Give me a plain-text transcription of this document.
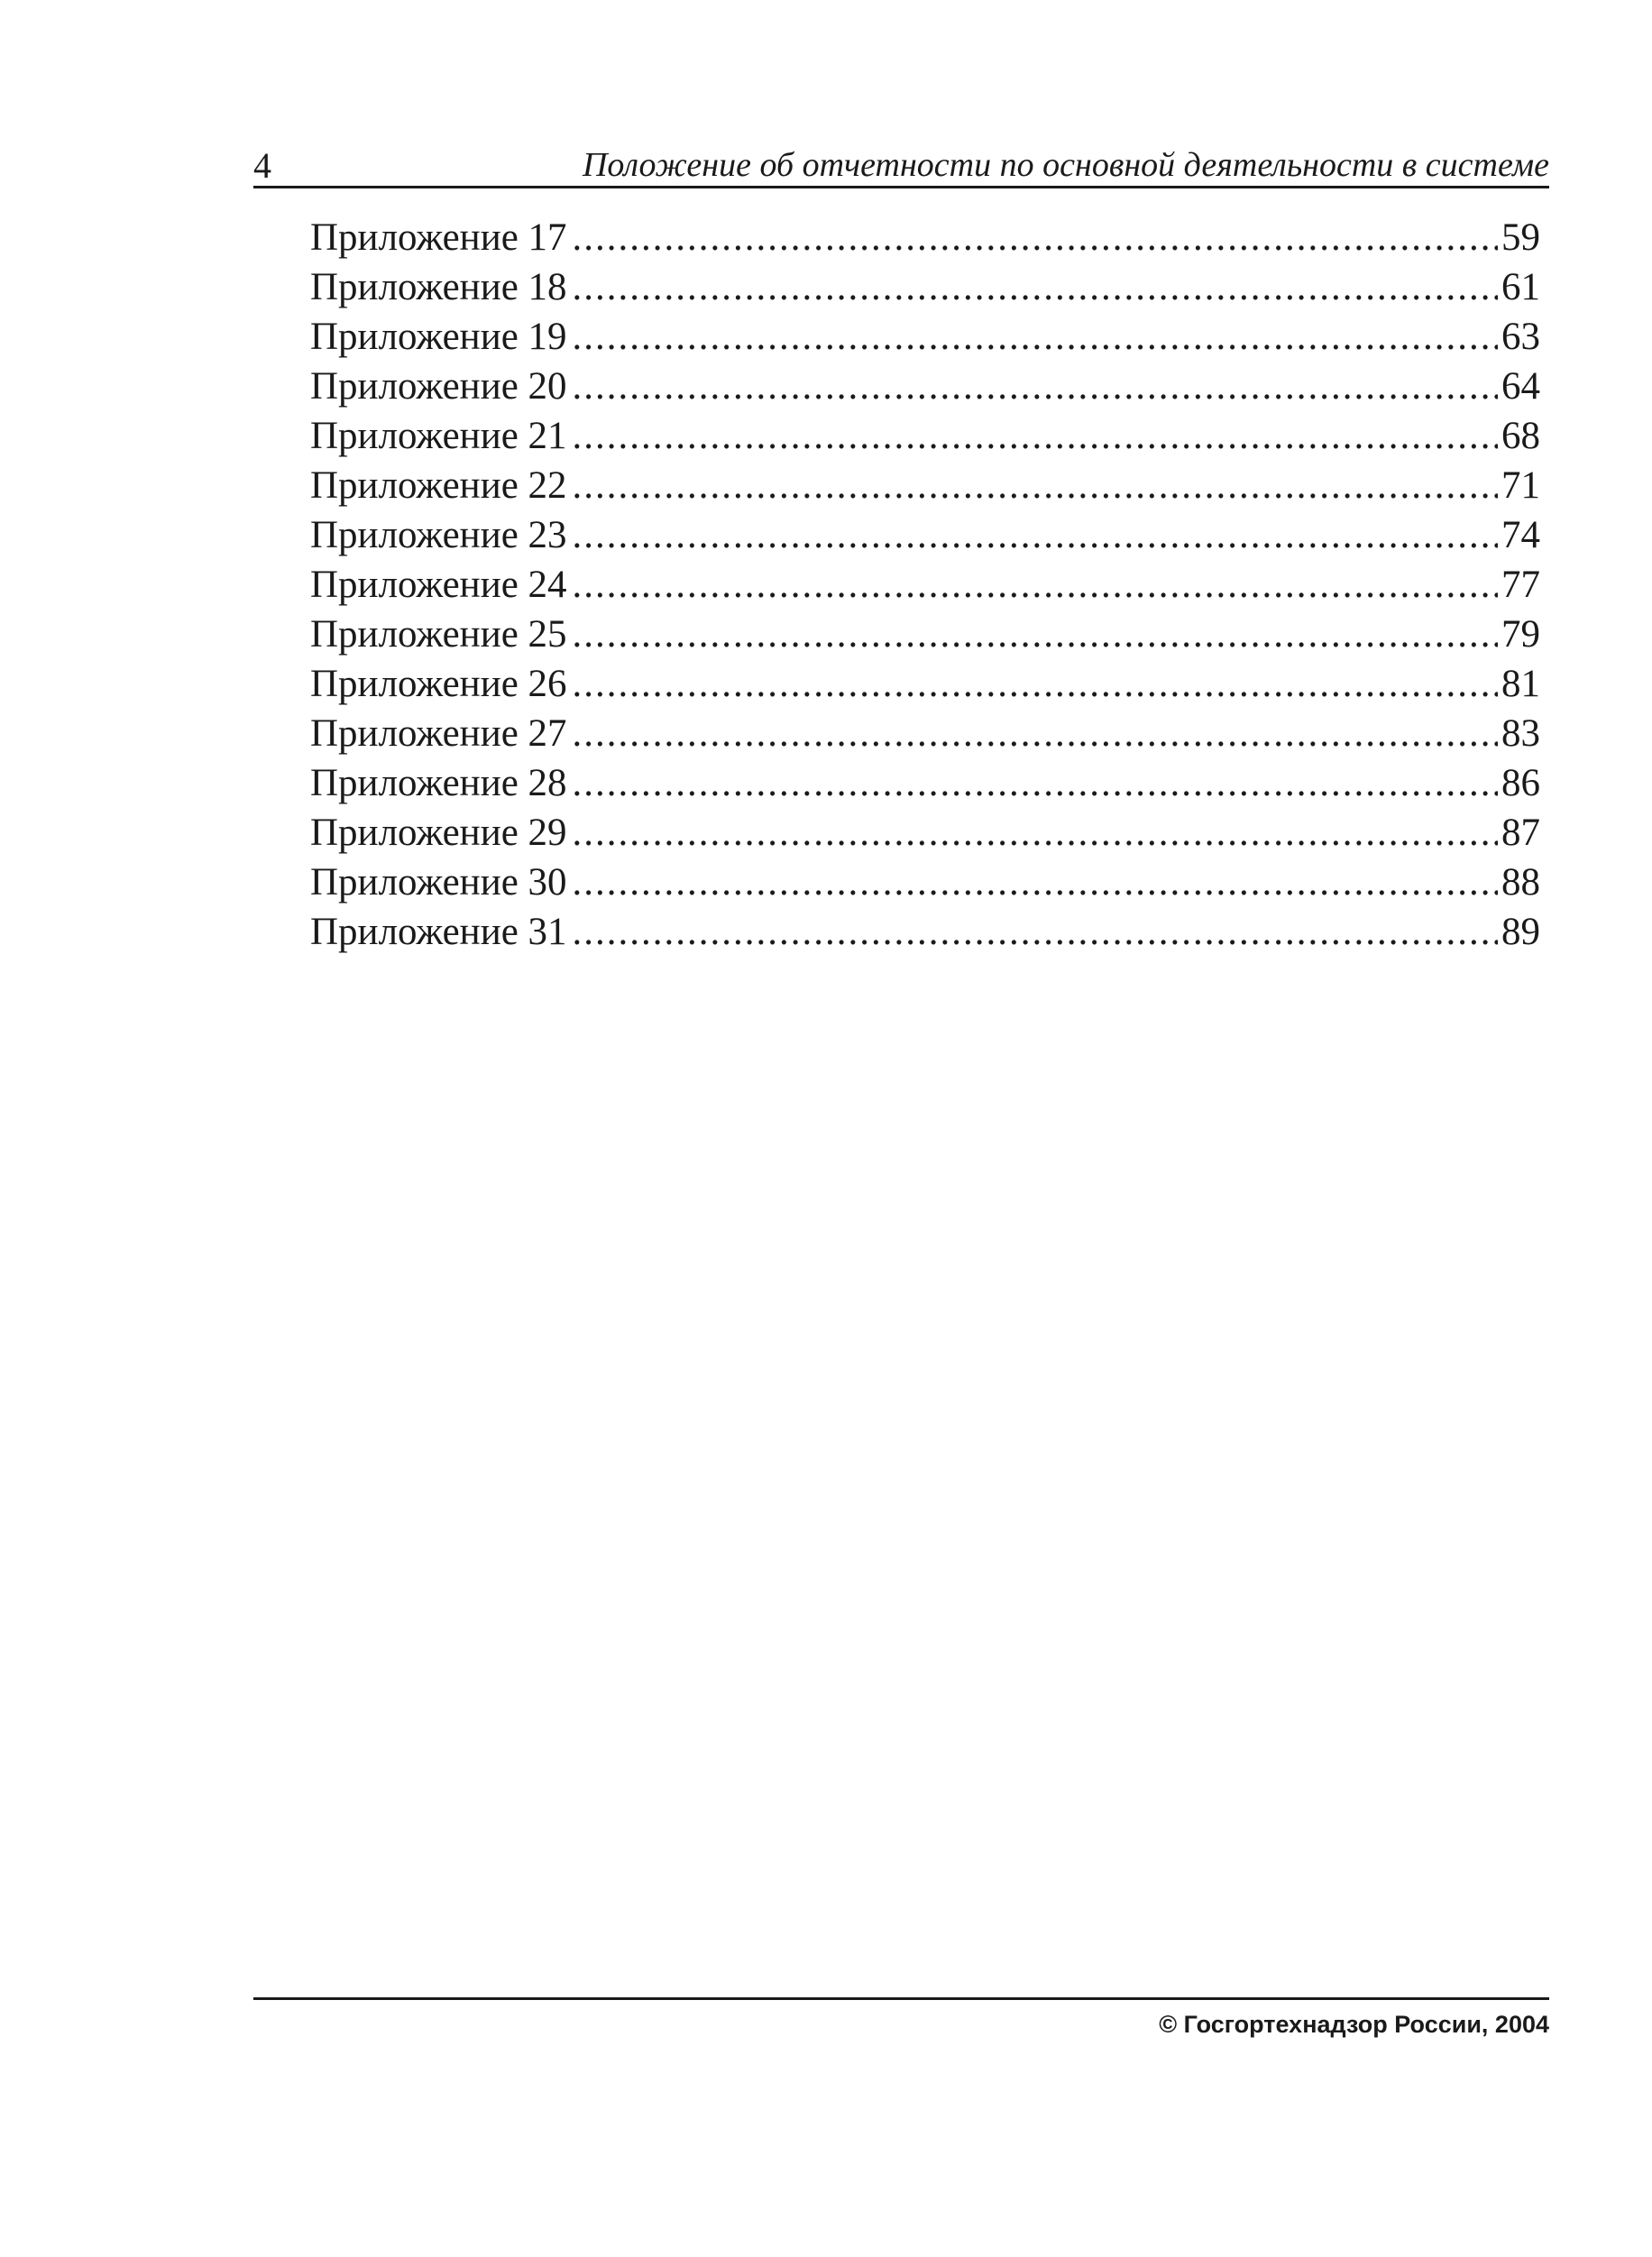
4	Положение об отчетности по основной деятельности в системе
Приложение 17 .....	59
Приложение 18 .....	61
Приложение 19 .....	63
Приложение 20 .....	64
Приложение 21 .....	68
Приложение 22 .....	71
Приложение 23 .....	74
Приложение 24 .....	77
Приложение 25 .....	79
Приложение 26 .....	81
Приложение 27 .....	83
Приложение 28 .....	86
Приложение 29 .....	87
Приложение 30 .....	88
Приложение 31 .....	89
© Госгортехнадзор России, 2004
